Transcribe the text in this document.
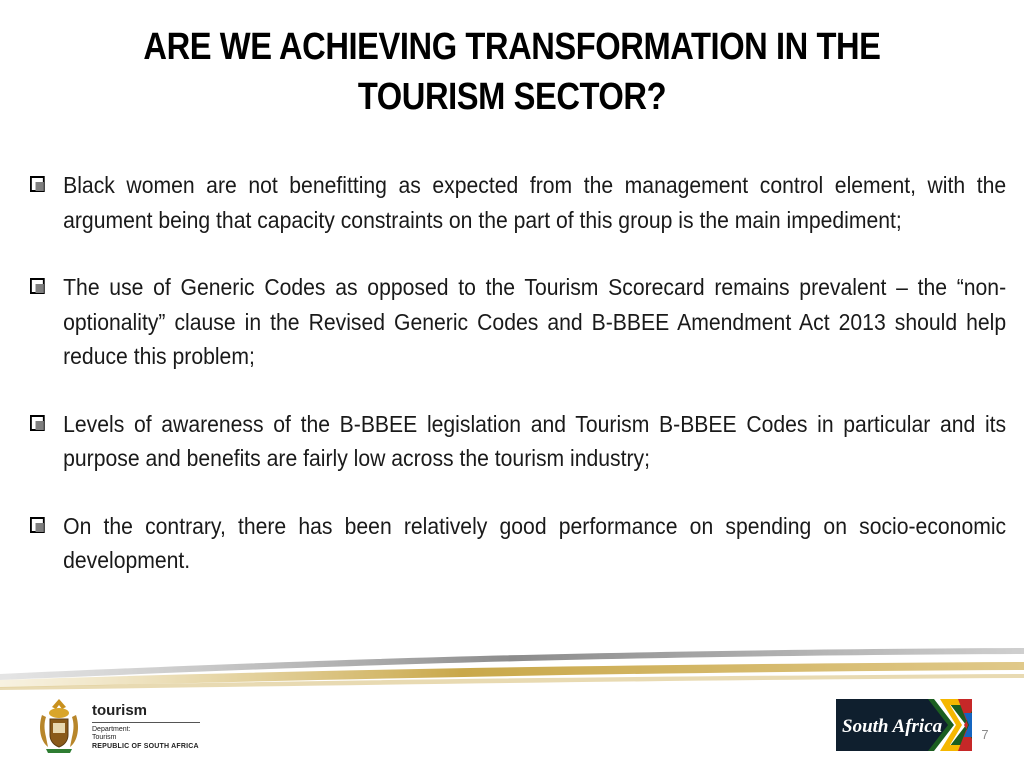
ARE WE ACHIEVING TRANSFORMATION IN THE
TOURISM SECTOR?
Black women are not benefitting as expected from the management control element, with the argument being that capacity constraints on the part of this group is the main impediment;
The use of Generic Codes as opposed to the Tourism Scorecard remains prevalent – the “non-optionality” clause in the Revised Generic Codes and B-BBEE Amendment Act 2013 should help reduce this problem;
Levels of awareness of the B-BBEE legislation and Tourism B-BBEE Codes in particular and its purpose and benefits are fairly low across the tourism industry;
On the contrary, there has been relatively good performance on spending on socio-economic development.
tourism
Department:
Tourism
REPUBLIC OF SOUTH AFRICA
South Africa	7
